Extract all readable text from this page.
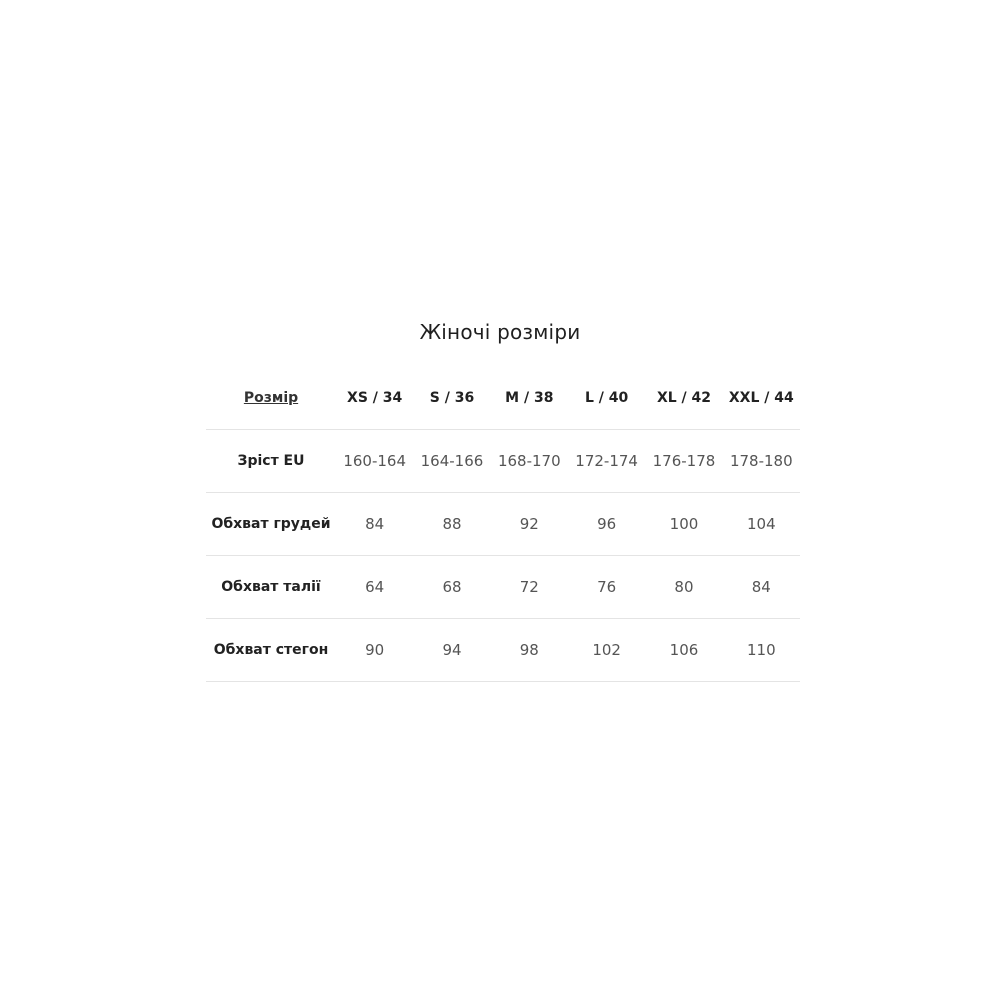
Жіночі розміри
Розмір	XS / 34	S / 36	M / 38	L / 40	XL / 42	XXL / 44
Зріст EU	160-164	164-166	168-170	172-174	176-178	178-180
Обхват грудей	84	88	92	96	100	104
Обхват талії	64	68	72	76	80	84
Обхват стегон	90	94	98	102	106	110
